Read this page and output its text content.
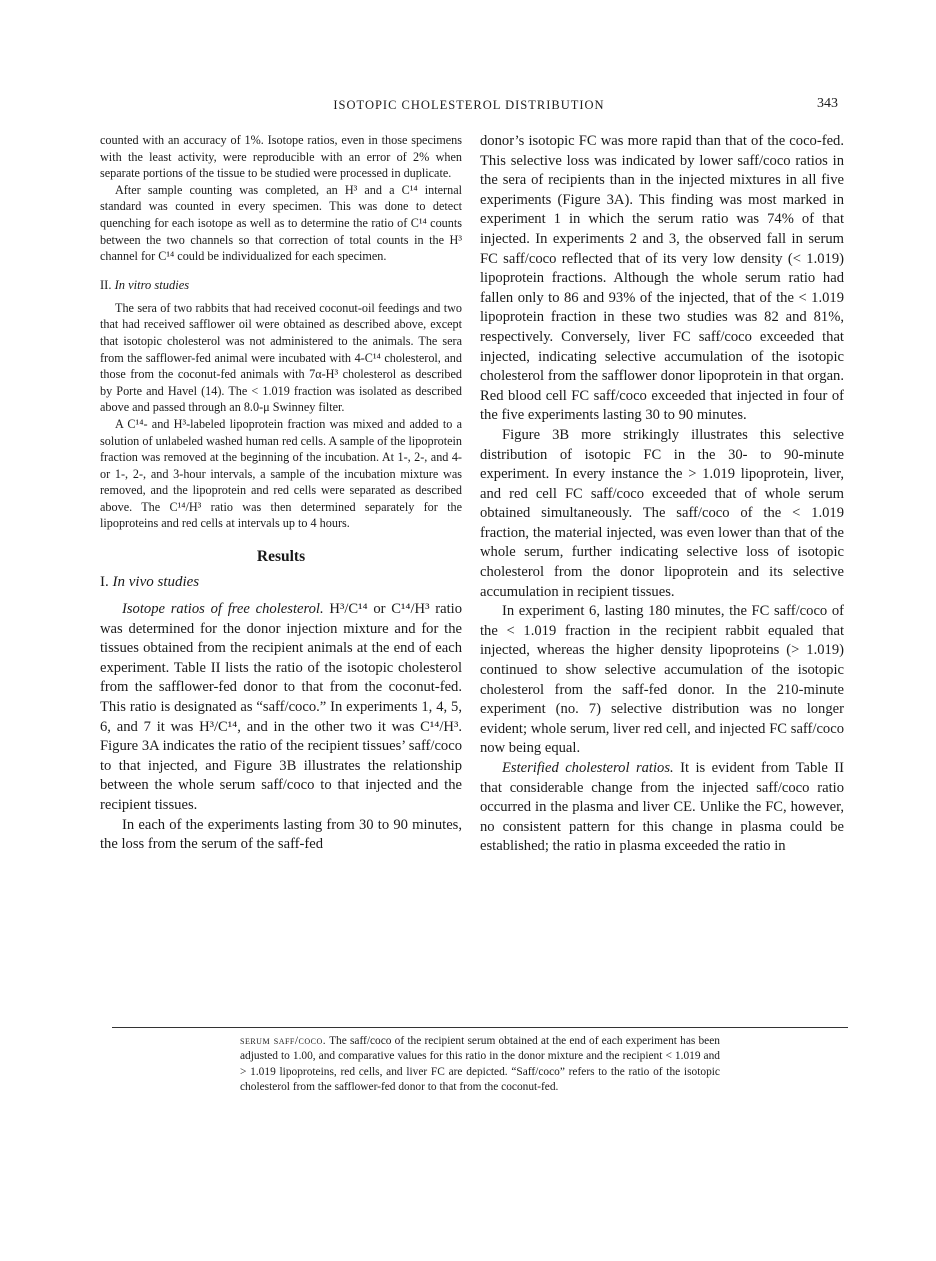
ISOTOPIC CHOLESTEROL DISTRIBUTION	343

counted with an accuracy of 1%. Isotope ratios, even in those specimens with the least activity, were reproducible with an error of 2% when separate portions of the tissue to be studied were processed in duplicate.

After sample counting was completed, an H³ and a C¹⁴ internal standard was counted in every specimen. This was done to detect quenching for each isotope as well as to determine the ratio of C¹⁴ counts between the two channels so that correction of total counts in the H³ channel for C¹⁴ could be individualized for each specimen.

II. In vitro studies

The sera of two rabbits that had received coconut-oil feedings and two that had received safflower oil were obtained as described above, except that isotopic cholesterol was not administered to the animals. The sera from the safflower-fed animal were incubated with 4-C¹⁴ cholesterol, and those from the coconut-fed animals with 7α-H³ cholesterol as described by Porte and Havel (14). The < 1.019 fraction was isolated as described above and passed through an 8.0-μ Swinney filter.

A C¹⁴- and H³-labeled lipoprotein fraction was mixed and added to a solution of unlabeled washed human red cells. A sample of the lipoprotein fraction was removed at the beginning of the incubation. At 1-, 2-, and 4- or 1-, 2-, and 3-hour intervals, a sample of the incubation mixture was removed, and the lipoprotein and red cells were separated as described above. The C¹⁴/H³ ratio was then determined separately for the lipoproteins and red cells at intervals up to 4 hours.

Results
I. In vivo studies

Isotope ratios of free cholesterol. H³/C¹⁴ or C¹⁴/H³ ratio was determined for the donor injection mixture and for the tissues obtained from the recipient animals at the end of each experiment. Table II lists the ratio of the isotopic cholesterol from the safflower-fed donor to that from the coconut-fed. This ratio is designated as “saff/coco.” In experiments 1, 4, 5, 6, and 7 it was H³/C¹⁴, and in the other two it was C¹⁴/H³. Figure 3A indicates the ratio of the recipient tissues’ saff/coco to that injected, and Figure 3B illustrates the relationship between the whole serum saff/coco to that injected and the recipient tissues.

In each of the experiments lasting from 30 to 90 minutes, the loss from the serum of the saff-fed

donor’s isotopic FC was more rapid than that of the coco-fed. This selective loss was indicated by lower saff/coco ratios in the sera of recipients than in the injected mixtures in all five experiments (Figure 3A). This finding was most marked in experiment 1 in which the serum ratio was 74% of that injected. In experiments 2 and 3, the observed fall in serum FC saff/coco reflected that of its very low density (< 1.019) lipoprotein fractions. Although the whole serum ratio had fallen only to 86 and 93% of the injected, that of the < 1.019 lipoprotein fraction in these two studies was 82 and 81%, respectively. Conversely, liver FC saff/coco exceeded that injected, indicating selective accumulation of the isotopic cholesterol from the safflower donor lipoprotein in that organ. Red blood cell FC saff/coco exceeded that injected in four of the five experiments lasting 30 to 90 minutes.

Figure 3B more strikingly illustrates this selective distribution of isotopic FC in the 30- to 90-minute experiment. In every instance the > 1.019 lipoprotein, liver, and red cell FC saff/coco exceeded that of whole serum obtained simultaneously. The saff/coco of the < 1.019 fraction, the material injected, was even lower than that of the whole serum, further indicating selective loss of isotopic cholesterol from the donor lipoprotein and its selective accumulation in recipient tissues.

In experiment 6, lasting 180 minutes, the FC saff/coco of the < 1.019 fraction in the recipient rabbit equaled that injected, whereas the higher density lipoproteins (> 1.019) continued to show selective accumulation of the isotopic cholesterol from the saff-fed donor. In the 210-minute experiment (no. 7) selective distribution was no longer evident; whole serum, liver red cell, and injected FC saff/coco now being equal.

Esterified cholesterol ratios. It is evident from Table II that considerable change from the injected saff/coco ratio occurred in the plasma and liver CE. Unlike the FC, however, no consistent pattern for this change in plasma could be established; the ratio in plasma exceeded the ratio in

serum saff/coco. The saff/coco of the recipient serum obtained at the end of each experiment has been adjusted to 1.00, and comparative values for this ratio in the donor mixture and the recipient < 1.019 and > 1.019 lipoproteins, red cells, and liver FC are depicted. “Saff/coco” refers to the ratio of the isotopic cholesterol from the safflower-fed donor to that from the coconut-fed.
